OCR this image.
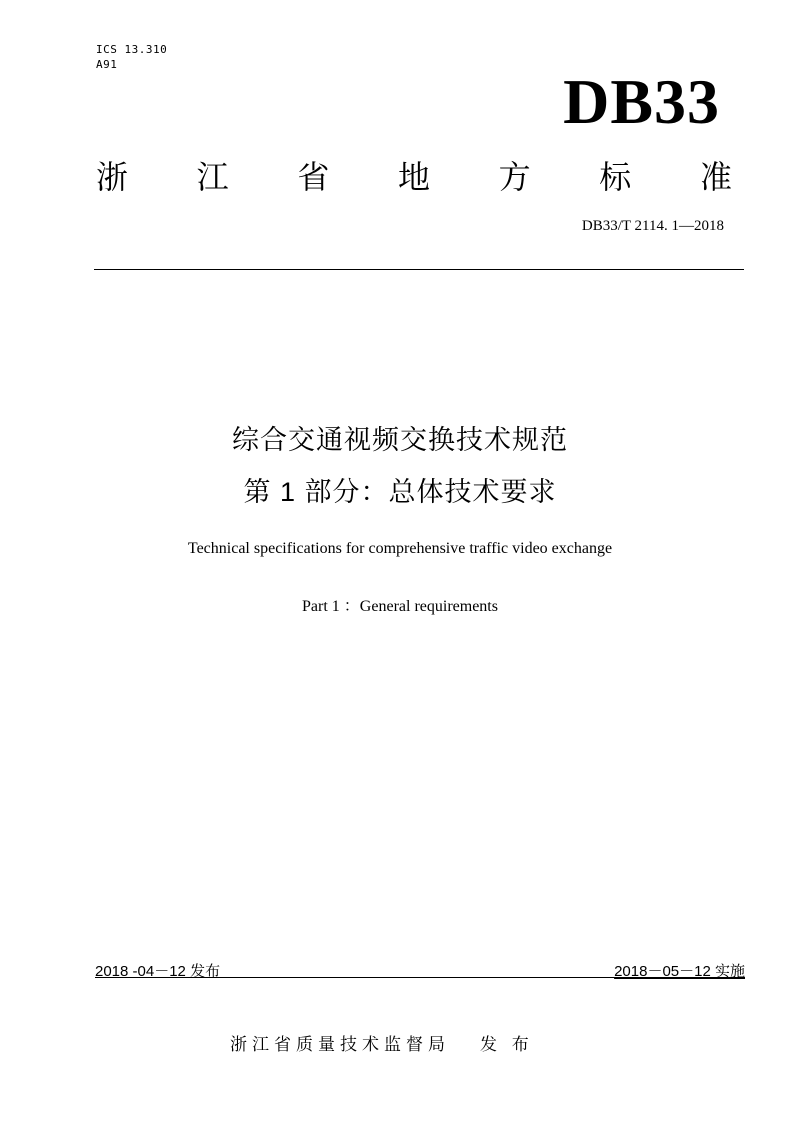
ICS 13.310
A91
DB33
浙 江 省 地 方 标 准
DB33/T 2114. 1—2018
综合交通视频交换技术规范
第 1 部分：总体技术要求
Technical specifications for comprehensive traffic video exchange
Part 1 ：General requirements
2018 -04－12 发布	2018－05－12 实施
浙江省质量技术监督局 发 布
